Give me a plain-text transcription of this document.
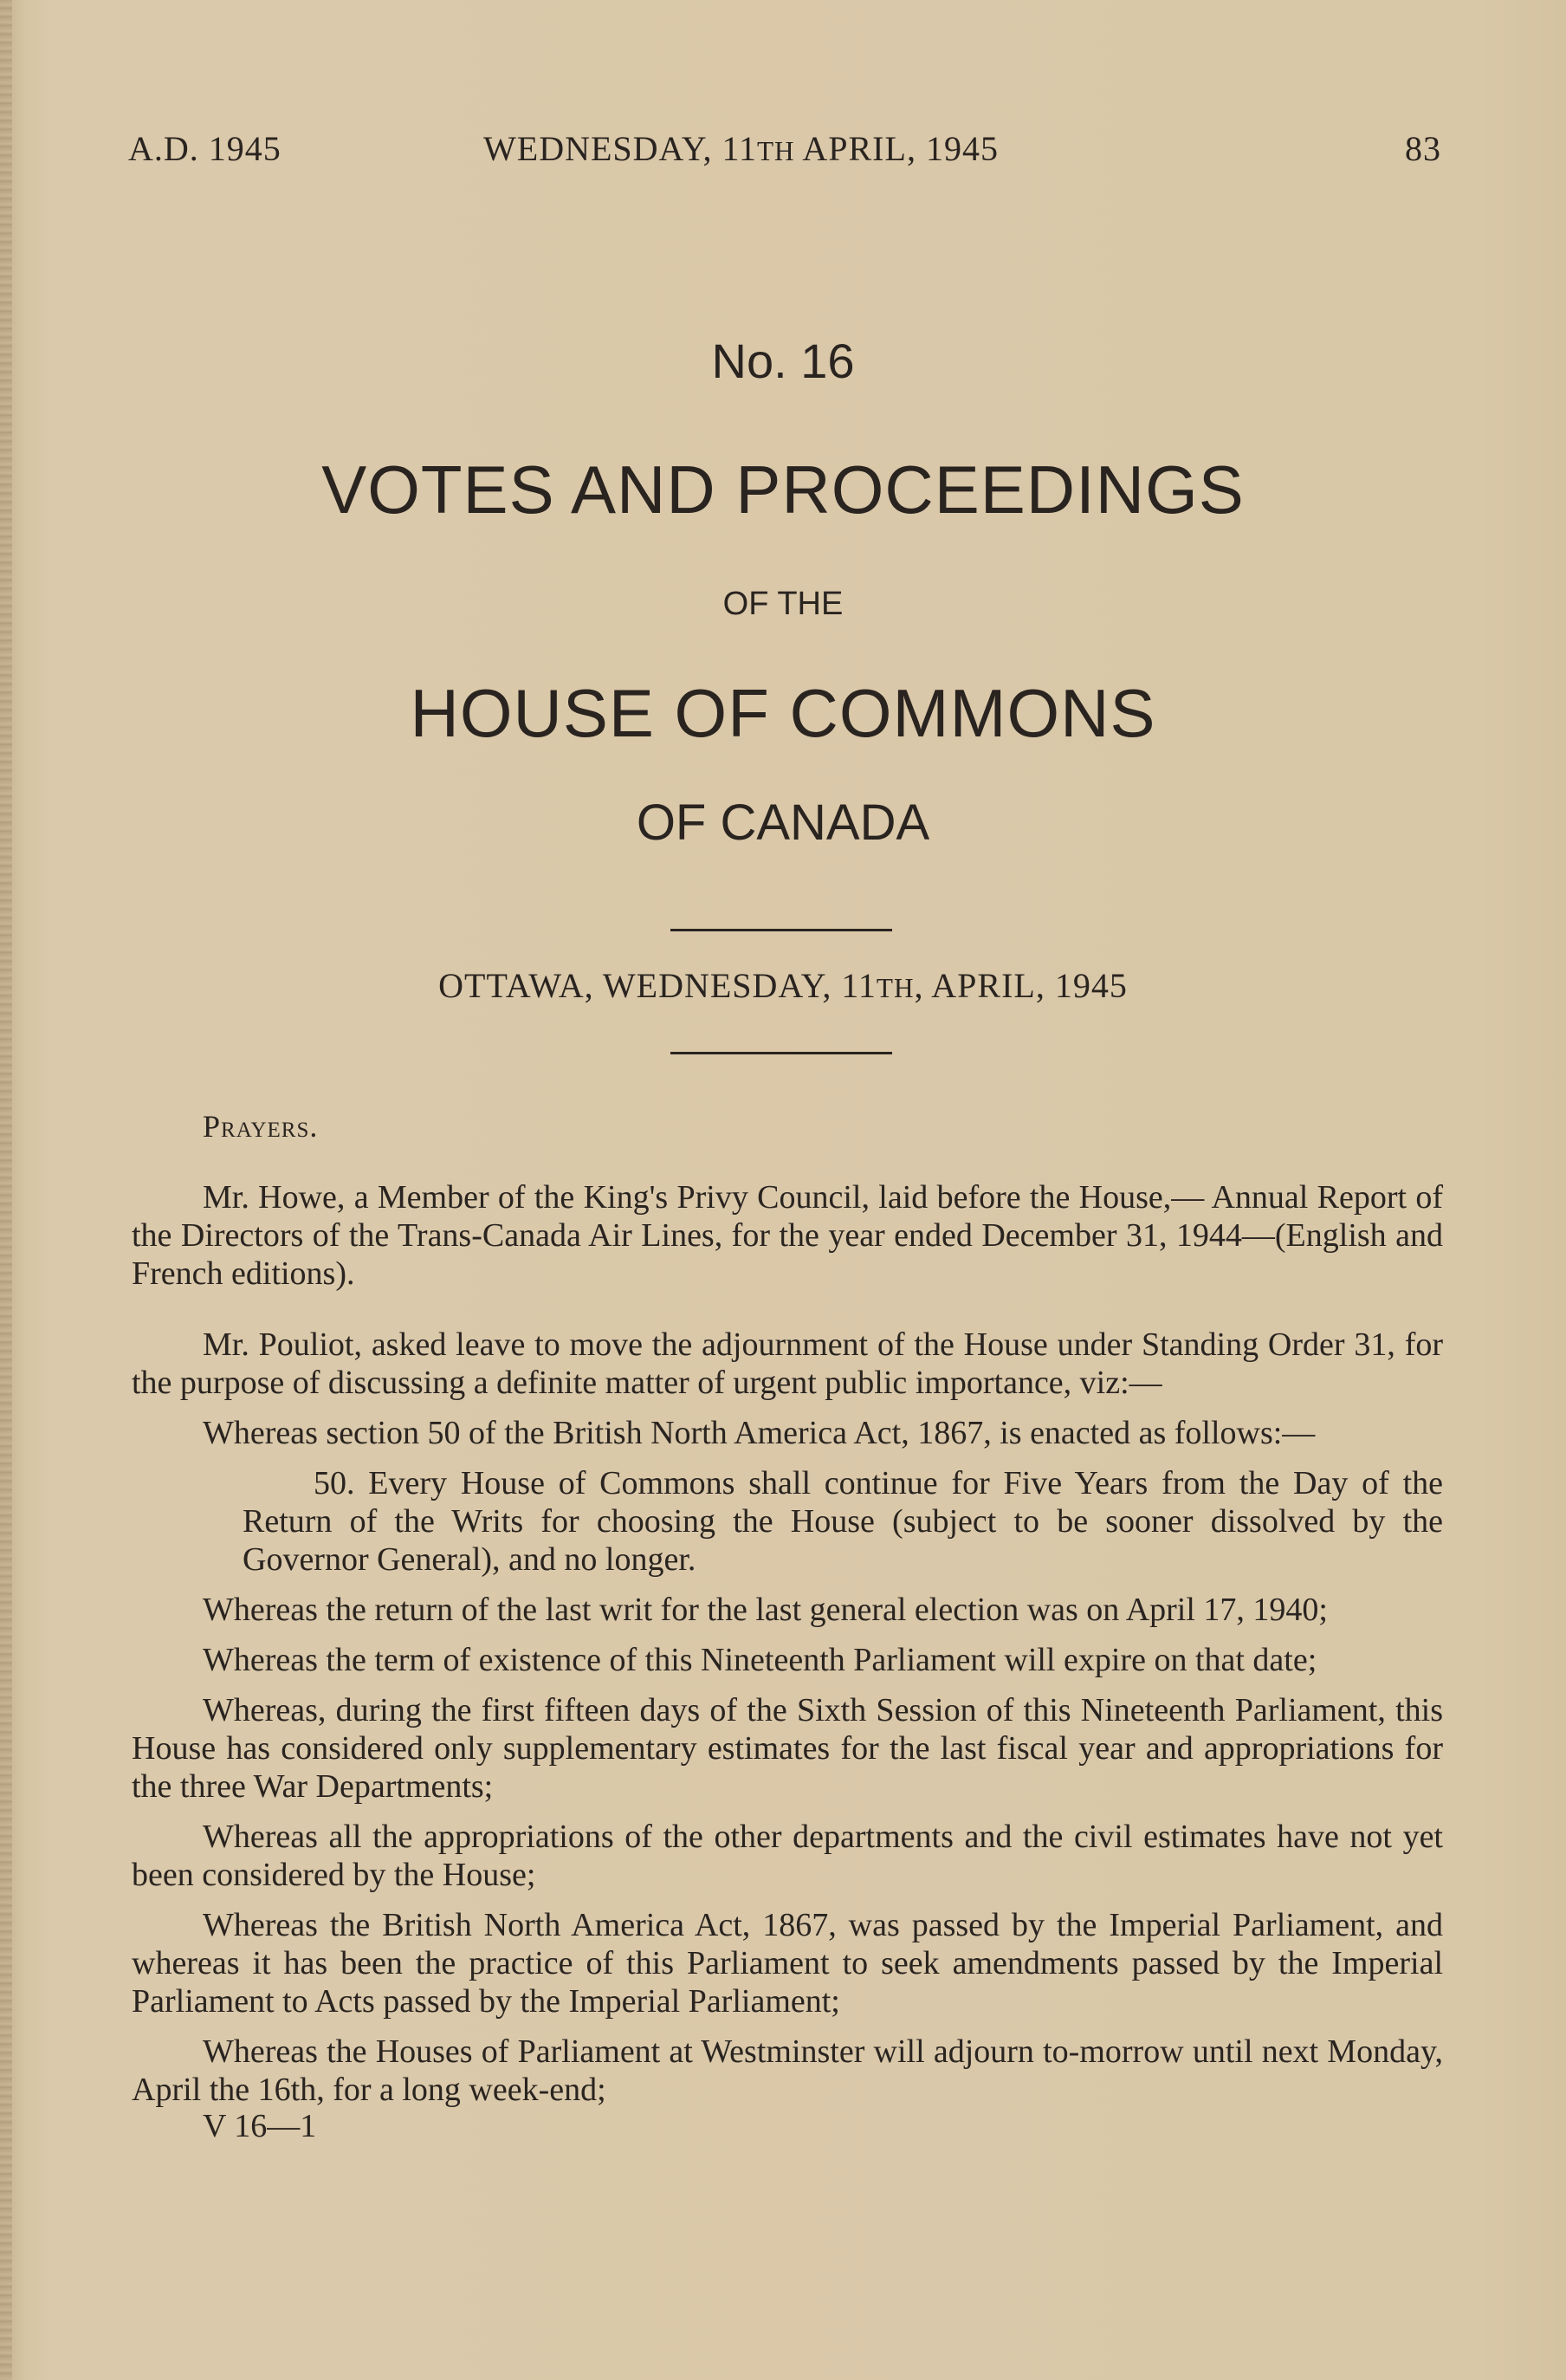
A.D. 1945	WEDNESDAY, 11TH APRIL, 1945	83
No. 16
VOTES AND PROCEEDINGS
OF THE
HOUSE OF COMMONS
OF CANADA
OTTAWA, WEDNESDAY, 11TH, APRIL, 1945
Prayers.

Mr. Howe, a Member of the King's Privy Council, laid before the House,— Annual Report of the Directors of the Trans-Canada Air Lines, for the year ended December 31, 1944—(English and French editions).

Mr. Pouliot, asked leave to move the adjournment of the House under Standing Order 31, for the purpose of discussing a definite matter of urgent public importance, viz:—

Whereas section 50 of the British North America Act, 1867, is enacted as follows:—

50. Every House of Commons shall continue for Five Years from the Day of the Return of the Writs for choosing the House (subject to be sooner dissolved by the Governor General), and no longer.

Whereas the return of the last writ for the last general election was on April 17, 1940;

Whereas the term of existence of this Nineteenth Parliament will expire on that date;

Whereas, during the first fifteen days of the Sixth Session of this Nineteenth Parliament, this House has considered only supplementary estimates for the last fiscal year and appropriations for the three War Departments;

Whereas all the appropriations of the other departments and the civil estimates have not yet been considered by the House;

Whereas the British North America Act, 1867, was passed by the Imperial Parliament, and whereas it has been the practice of this Parliament to seek amendments passed by the Imperial Parliament to Acts passed by the Imperial Parliament;

Whereas the Houses of Parliament at Westminster will adjourn to-morrow until next Monday, April the 16th, for a long week-end;

V 16—1
